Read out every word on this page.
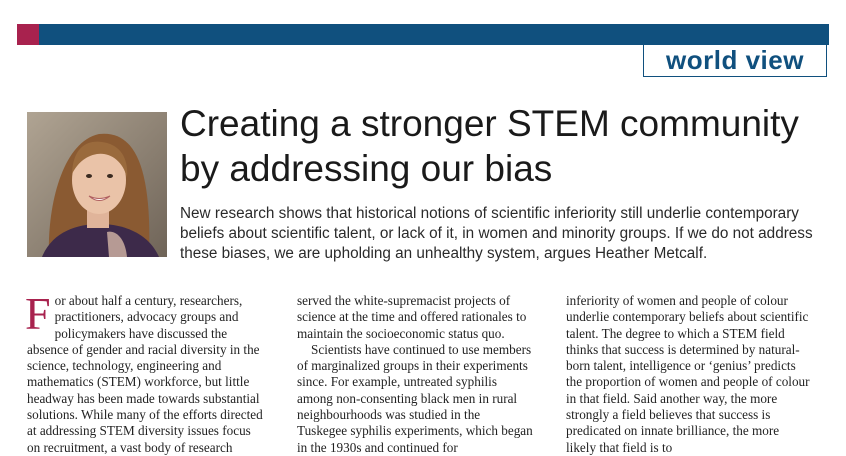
world view
Creating a stronger STEM community by addressing our bias

New research shows that historical notions of scientific inferiority still underlie contemporary beliefs about scientific talent, or lack of it, in women and minority groups. If we do not address these biases, we are upholding an unhealthy system, argues Heather Metcalf.

For about half a century, researchers, practitioners, advocacy groups and policymakers have discussed the absence of gender and racial diversity in the science, technology, engineering and mathematics (STEM) workforce, but little headway has been made towards substantial solutions. While many of the efforts directed at addressing STEM diversity issues focus on recruitment, a vast body of research

served the white-supremacist projects of science at the time and offered rationales to maintain the socioeconomic status quo.

Scientists have continued to use members of marginalized groups in their experiments since. For example, untreated syphilis among non-consenting black men in rural neighbourhoods was studied in the Tuskegee syphilis experiments, which began in the 1930s and continued for

inferiority of women and people of colour underlie contemporary beliefs about scientific talent. The degree to which a STEM field thinks that success is determined by natural-born talent, intelligence or ‘genius’ predicts the proportion of women and people of colour in that field. Said another way, the more strongly a field believes that success is predicated on innate brilliance, the more likely that field is to
